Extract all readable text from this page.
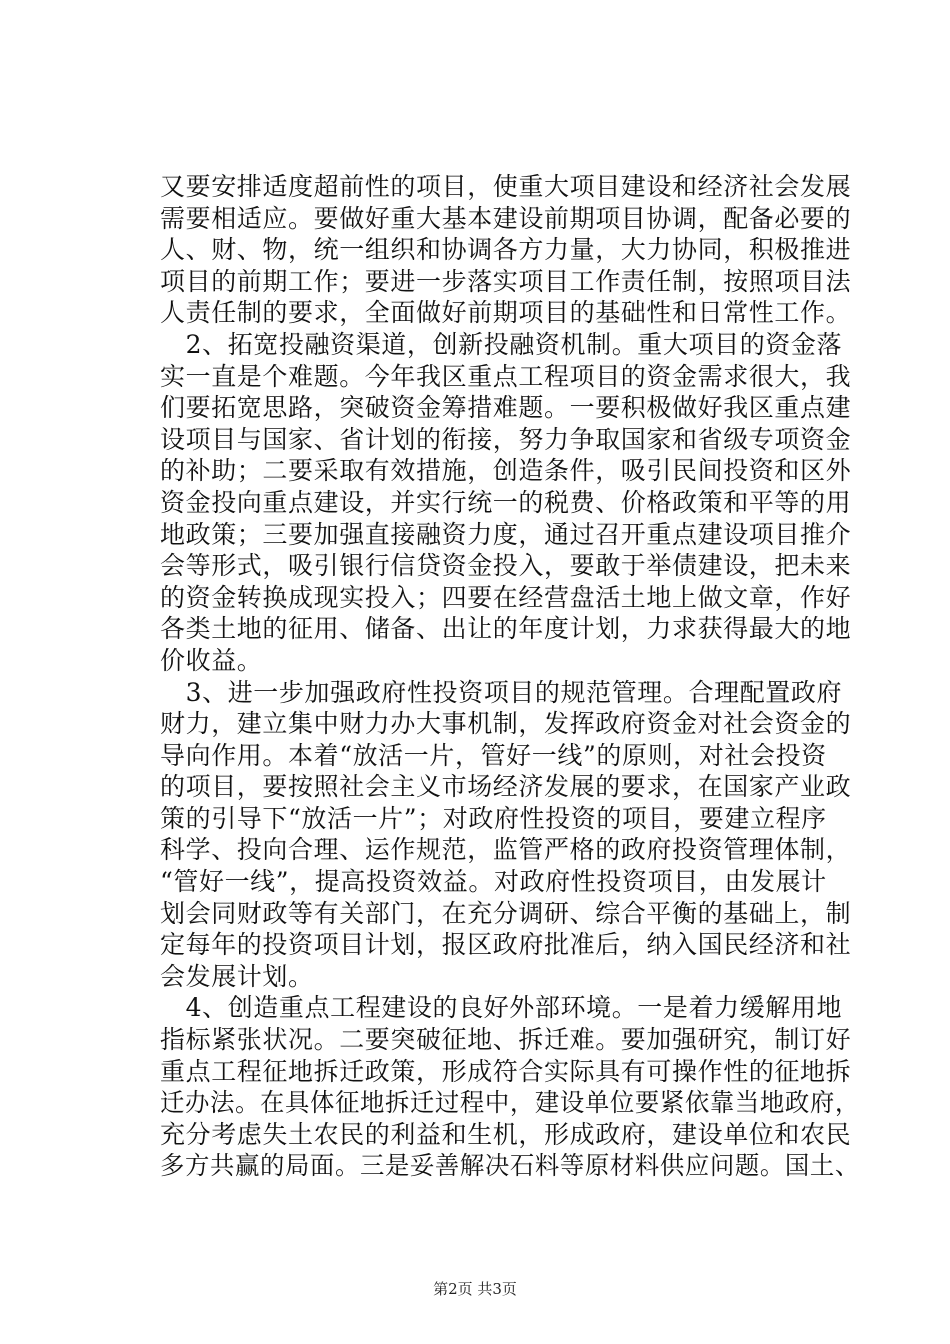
又要安排适度超前性的项目，使重大项目建设和经济社会发展
需要相适应。要做好重大基本建设前期项目协调，配备必要的
人、财、物，统一组织和协调各方力量，大力协同，积极推进
项目的前期工作；要进一步落实项目工作责任制，按照项目法
人责任制的要求，全面做好前期项目的基础性和日常性工作。
　2、拓宽投融资渠道，创新投融资机制。重大项目的资金落
实一直是个难题。今年我区重点工程项目的资金需求很大，我
们要拓宽思路，突破资金筹措难题。一要积极做好我区重点建
设项目与国家、省计划的衔接，努力争取国家和省级专项资金
的补助；二要采取有效措施，创造条件，吸引民间投资和区外
资金投向重点建设，并实行统一的税费、价格政策和平等的用
地政策；三要加强直接融资力度，通过召开重点建设项目推介
会等形式，吸引银行信贷资金投入，要敢于举债建设，把未来
的资金转换成现实投入；四要在经营盘活土地上做文章，作好
各类土地的征用、储备、出让的年度计划，力求获得最大的地
价收益。
　3、进一步加强政府性投资项目的规范管理。合理配置政府
财力，建立集中财力办大事机制，发挥政府资金对社会资金的
导向作用。本着“放活一片，管好一线”的原则，对社会投资
的项目，要按照社会主义市场经济发展的要求，在国家产业政
策的引导下“放活一片”；对政府性投资的项目，要建立程序
科学、投向合理、运作规范，监管严格的政府投资管理体制，
“管好一线”，提高投资效益。对政府性投资项目，由发展计
划会同财政等有关部门，在充分调研、综合平衡的基础上，制
定每年的投资项目计划，报区政府批准后，纳入国民经济和社
会发展计划。
　4、创造重点工程建设的良好外部环境。一是着力缓解用地
指标紧张状况。二要突破征地、拆迁难。要加强研究，制订好
重点工程征地拆迁政策，形成符合实际具有可操作性的征地拆
迁办法。在具体征地拆迁过程中，建设单位要紧依靠当地政府，
充分考虑失土农民的利益和生机，形成政府，建设单位和农民
多方共赢的局面。三是妥善解决石料等原材料供应问题。国土、
第2页 共3页
